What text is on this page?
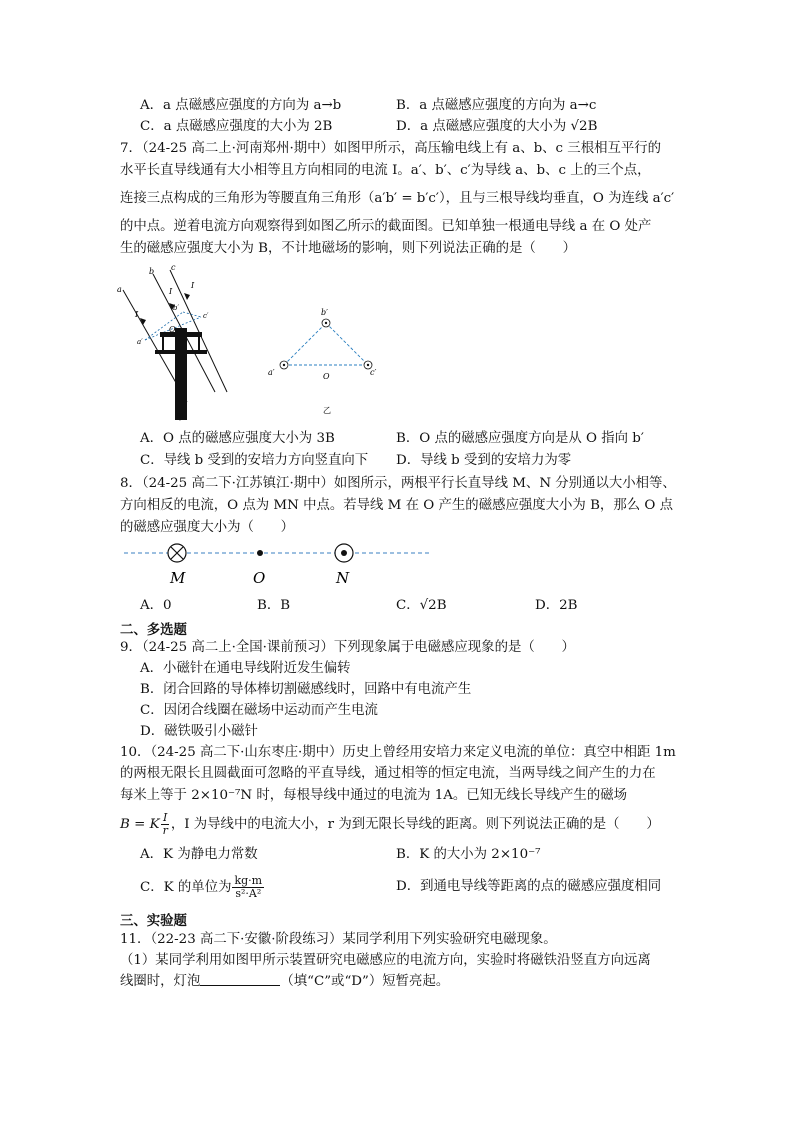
A．a 点磁感应强度的方向为 a→b	B．a 点磁感应强度的方向为 a→c
C．a 点磁感应强度的大小为 2B	D．a 点磁感应强度的大小为 √2B
7．（24-25 高二上·河南郑州·期中）如图甲所示，高压输电线上有 a、b、c 三根相互平行的
水平长直导线通有大小相等且方向相同的电流 I。a′、b′、c′为导线 a、b、c 上的三个点，
连接三点构成的三角形为等腰直角三角形（a′b′ = b′c′），且与三根导线均垂直，O 为连线 a′c′
的中点。逆着电流方向观察得到如图乙所示的截面图。已知单独一根通电导线 a 在 O 处产
生的磁感应强度大小为 B，不计地磁场的影响，则下列说法正确的是（　　）
a
b c
I
I
I
b′
c′
a′
O
甲
b′
a′	c′
O
乙
A．O 点的磁感应强度大小为 3B	B．O 点的磁感应强度方向是从 O 指向 b′
C．导线 b 受到的安培力方向竖直向下 D．导线 b 受到的安培力为零
8．（24-25 高二下·江苏镇江·期中）如图所示，两根平行长直导线 M、N 分别通以大小相等、
方向相反的电流，O 点为 MN 中点。若导线 M 在 O 产生的磁感应强度大小为 B，那么 O 点
的磁感应强度大小为（　　）
M	O	N
A．0	B．B	C．√2B	D．2B
二、多选题
9．（24-25 高二上·全国·课前预习）下列现象属于电磁感应现象的是（　　）
A．小磁针在通电导线附近发生偏转
B．闭合回路的导体棒切割磁感线时，回路中有电流产生
C．因闭合线圈在磁场中运动而产生电流
D．磁铁吸引小磁针
10．（24-25 高二下·山东枣庄·期中）历史上曾经用安培力来定义电流的单位：真空中相距 1m
的两根无限长且圆截面可忽略的平直导线，通过相等的恒定电流，当两导线之间产生的力在
每米上等于 2×10⁻⁷N 时，每根导线中通过的电流为 1A。已知无线长导线产生的磁场
B = K $\frac{I}{r}$ ，I 为导线中的电流大小，r 为到无限长导线的距离。则下列说法正确的是（　　）
A．K 为静电力常数	B．K 的大小为 2×10⁻⁷
C．K 的单位为 $\frac{kg\cdot m}{\text{s²·A²}}$	D．到通电导线等距离的点的磁感应强度相同
三、实验题
11．（22-23 高二下·安徽·阶段练习）某同学利用下列实验研究电磁现象。
（1）某同学利用如图甲所示装置研究电磁感应的电流方向，实验时将磁铁沿竖直方向远离
线圈时，灯泡	（填“C”或“D”）短暂亮起。
